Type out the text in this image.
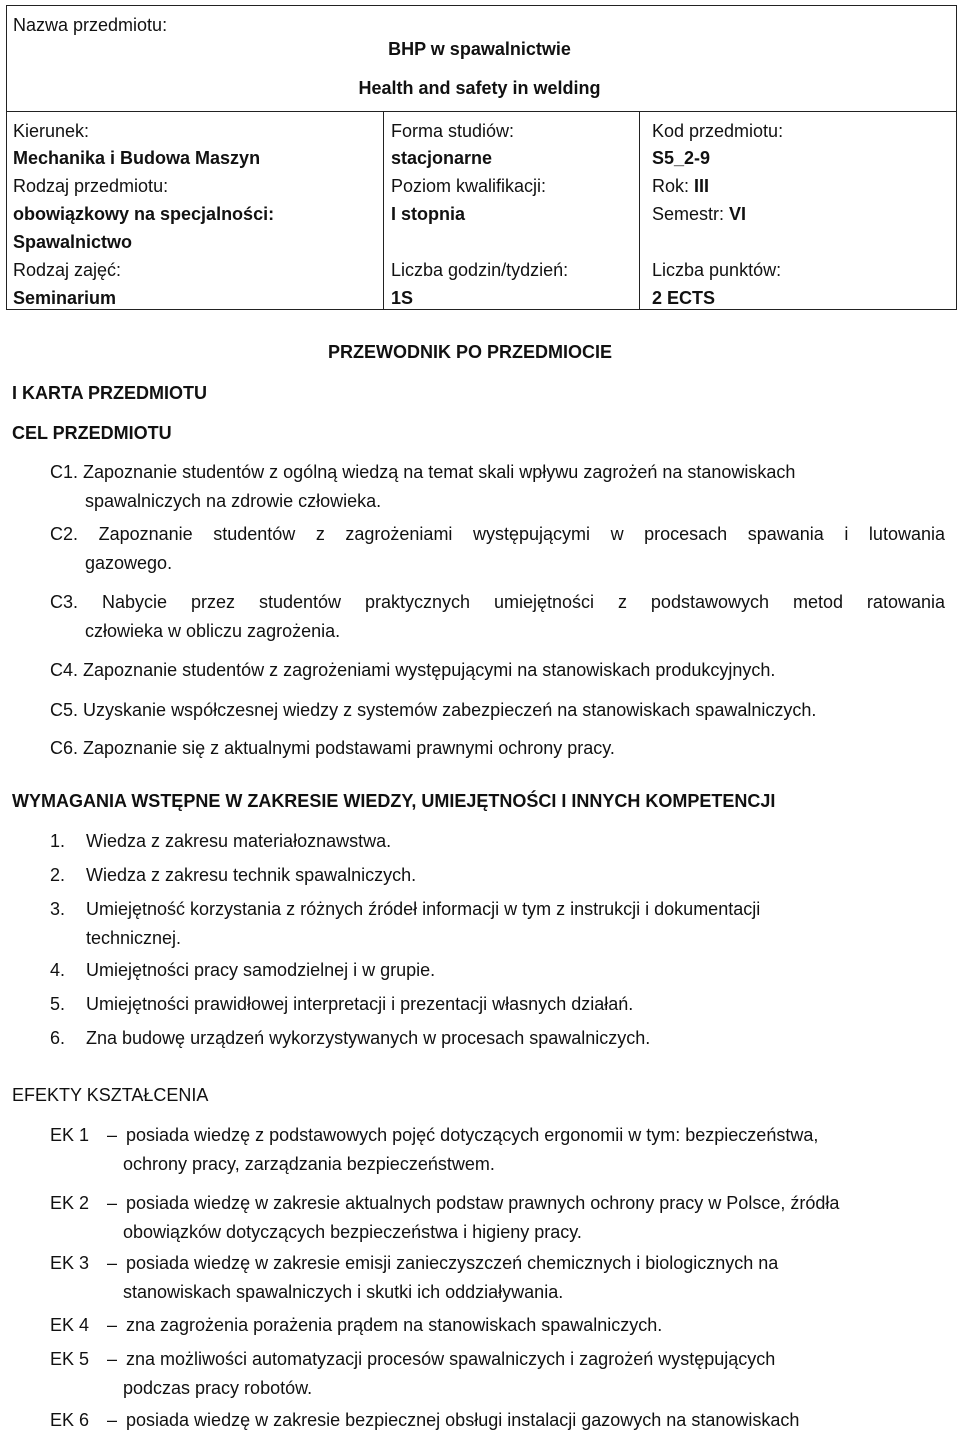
Nazwa przedmiotu:
BHP w spawalnictwie
Health and safety in welding
Kierunek:
Mechanika i Budowa Maszyn
Rodzaj przedmiotu:
obowiązkowy na specjalności:
Spawalnictwo
Rodzaj zajęć:
Seminarium
Forma studiów:
stacjonarne
Poziom kwalifikacji:
I stopnia
Liczba godzin/tydzień:
1S
Kod przedmiotu:
S5_2-9
Rok: III
Semestr: VI
Liczba punktów:
2 ECTS
PRZEWODNIK PO PRZEDMIOCIE
I KARTA PRZEDMIOTU
CEL PRZEDMIOTU
C1. Zapoznanie studentów z ogólną wiedzą na temat skali wpływu zagrożeń na stanowiskach
spawalniczych na zdrowie człowieka.
C2. Zapoznanie studentów z zagrożeniami występującymi w procesach spawania i lutowania
gazowego.
C3. Nabycie przez studentów praktycznych umiejętności z podstawowych metod ratowania
człowieka w obliczu zagrożenia.
C4. Zapoznanie studentów z zagrożeniami występującymi na stanowiskach produkcyjnych.
C5. Uzyskanie współczesnej wiedzy z systemów zabezpieczeń na stanowiskach spawalniczych.
C6. Zapoznanie się z aktualnymi podstawami prawnymi ochrony pracy.
WYMAGANIA WSTĘPNE W ZAKRESIE WIEDZY, UMIEJĘTNOŚCI I INNYCH KOMPETENCJI
1. Wiedza z zakresu materiałoznawstwa.
2. Wiedza z zakresu technik spawalniczych.
3. Umiejętność korzystania z różnych źródeł informacji w tym z instrukcji i dokumentacji
technicznej.
4. Umiejętności pracy samodzielnej i w grupie.
5. Umiejętności prawidłowej interpretacji i prezentacji własnych działań.
6. Zna budowę urządzeń wykorzystywanych w procesach spawalniczych.
EFEKTY KSZTAŁCENIA
EK 1 – posiada wiedzę z podstawowych pojęć dotyczących ergonomii w tym: bezpieczeństwa,
ochrony pracy, zarządzania bezpieczeństwem.
EK 2 – posiada wiedzę w zakresie aktualnych podstaw prawnych ochrony pracy w Polsce, źródła
obowiązków dotyczących bezpieczeństwa i higieny pracy.
EK 3 – posiada wiedzę w zakresie emisji zanieczyszczeń chemicznych i biologicznych na
stanowiskach spawalniczych i skutki ich oddziaływania.
EK 4 – zna zagrożenia porażenia prądem na stanowiskach spawalniczych.
EK 5 – zna możliwości automatyzacji procesów spawalniczych i zagrożeń występujących
podczas pracy robotów.
EK 6 – posiada wiedzę w zakresie bezpiecznej obsługi instalacji gazowych na stanowiskach
